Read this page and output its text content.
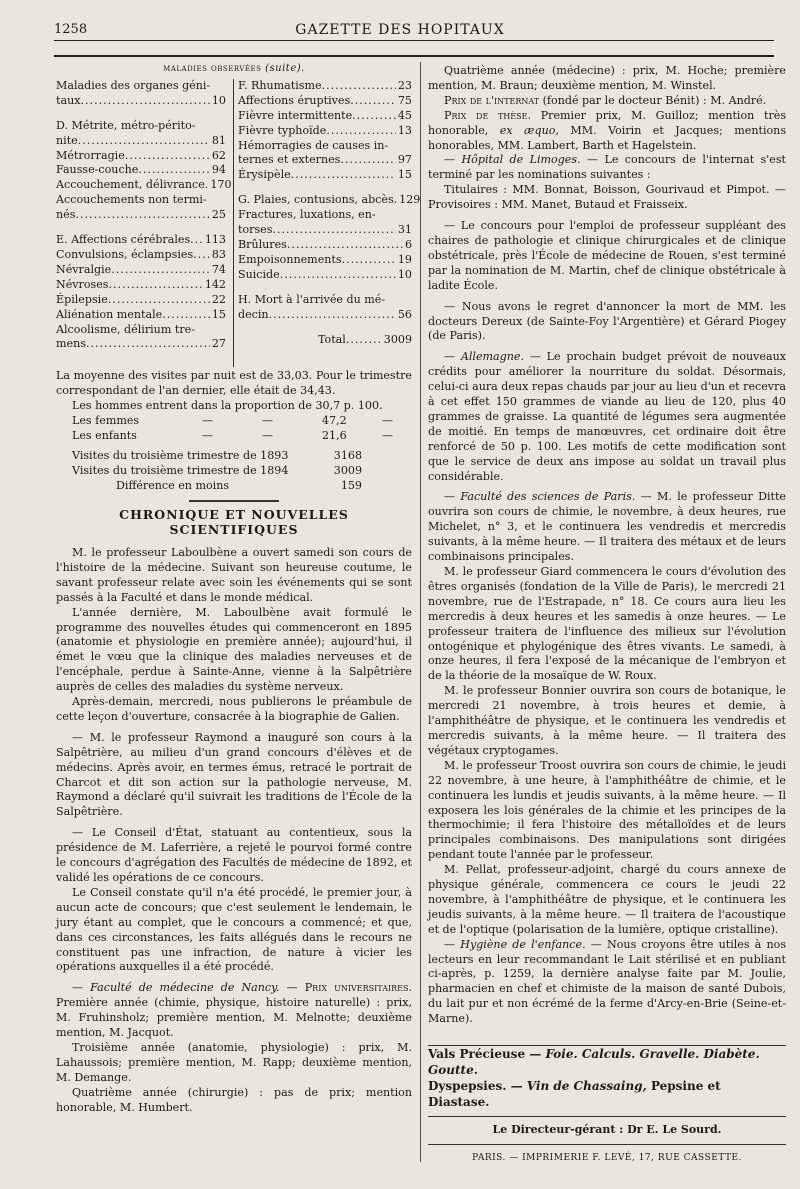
1258	GAZETTE DES HOPITAUX
maladies observées (suite).
Maladies des organes géni-
taux .....	10
D. Métrite, métro-périto-
nite .....	81
Métrorragie .....	62
Fausse-couche .....	94
Accouchement, délivrance. 170
Accouchements non termi-
nés .....	25
E. Affections cérébrales ..... 113
Convulsions, éclampsies ..... 83
Névralgie .....	74
Névroses .....	142
Épilepsie .....	22
Aliénation mentale .....	15
Alcoolisme, délirium tre-
mens .....	27
F. Rhumatisme .....	23
Affections éruptives .....	75
Fièvre intermittente .....	45
Fièvre typhoïde .....	13
Hémorragies de causes in-
ternes et externes .....	97
Érysipèle .....	15
G. Plaies, contusions, abcès. 129
Fractures, luxations, en-
torses .....	31
Brûlures .....	6
Empoisonnements .....	19
Suicide .....	10
H. Mort à l'arrivée du mé-
decin .....	56
Total .....	3009

La moyenne des visites par nuit est de 33,03. Pour le trimestre correspondant de l'an dernier, elle était de 34,43.

Les hommes entrent dans la proportion de 30,7 p. 100.

Les femmes	—	—	47,2	—
Les enfants	—	—	21,6	—
Visites du troisième trimestre de 1893	3168
Visites du troisième trimestre de 1894	3009
Différence en moins	159
CHRONIQUE ET NOUVELLES SCIENTIFIQUES

M. le professeur Laboulbène a ouvert samedi son cours de l'histoire de la médecine. Suivant son heureuse coutume, le savant professeur relate avec soin les événements qui se sont passés à la Faculté et dans le monde médical.

L'année dernière, M. Laboulbène avait formulé le programme des nouvelles études qui commenceront en 1895 (anatomie et physiologie en première année); aujourd'hui, il émet le vœu que la clinique des maladies nerveuses et de l'encéphale, perdue à Sainte-Anne, vienne à la Salpêtrière auprès de celles des maladies du système nerveux.

Après-demain, mercredi, nous publierons le préambule de cette leçon d'ouverture, consacrée à la biographie de Galien.

— M. le professeur Raymond a inauguré son cours à la Salpêtrière, au milieu d'un grand concours d'élèves et de médecins. Après avoir, en termes émus, retracé le portrait de Charcot et dit son action sur la pathologie nerveuse, M. Raymond a déclaré qu'il suivrait les traditions de l'École de la Salpêtrière.

— Le Conseil d'État, statuant au contentieux, sous la présidence de M. Laferrière, a rejeté le pourvoi formé contre le concours d'agrégation des Facultés de médecine de 1892, et validé les opérations de ce concours.

Le Conseil constate qu'il n'a été procédé, le premier jour, à aucun acte de concours; que c'est seulement le lendemain, le jury étant au complet, que le concours a commencé; et que, dans ces circonstances, les faits allégués dans le recours ne constituent pas une infraction, de nature à vicier les opérations auxquelles il a été procédé.

— Faculté de médecine de Nancy. — Prix universitaires. Première année (chimie, physique, histoire naturelle) : prix, M. Fruhinsholz; première mention, M. Melnotte; deuxième mention, M. Jacquot.

Troisième année (anatomie, physiologie) : prix, M. Lahaussois; première mention, M. Rapp; deuxième mention, M. Demange.

Quatrième année (chirurgie) : pas de prix; mention honorable, M. Humbert.

Quatrième année (médecine) : prix, M. Hoche; première mention, M. Braun; deuxième mention, M. Winstel.

Prix de l'internat (fondé par le docteur Bénit) : M. André.

Prix de thèse. Premier prix, M. Guilloz; mention très honorable, ex æquo, MM. Voirin et Jacques; mentions honorables, MM. Lambert, Barth et Hagelstein.

— Hôpital de Limoges. — Le concours de l'internat s'est terminé par les nominations suivantes :

Titulaires : MM. Bonnat, Boisson, Gourivaud et Pimpot. — Provisoires : MM. Manet, Butaud et Fraisseix.

— Le concours pour l'emploi de professeur suppléant des chaires de pathologie et clinique chirurgicales et de clinique obstétricale, près l'École de médecine de Rouen, s'est terminé par la nomination de M. Martin, chef de clinique obstétricale à ladite École.

— Nous avons le regret d'annoncer la mort de MM. les docteurs Dereux (de Sainte-Foy l'Argentière) et Gérard Piogey (de Paris).

— Allemagne. — Le prochain budget prévoit de nouveaux crédits pour améliorer la nourriture du soldat. Désormais, celui-ci aura deux repas chauds par jour au lieu d'un et recevra à cet effet 150 grammes de viande au lieu de 120, plus 40 grammes de graisse. La quantité de légumes sera augmentée de moitié. En temps de manœuvres, cet ordinaire doit être renforcé de 50 p. 100. Les motifs de cette modification sont que le service de deux ans impose au soldat un travail plus considérable.

— Faculté des sciences de Paris. — M. le professeur Ditte ouvrira son cours de chimie, le novembre, à deux heures, rue Michelet, n° 3, et le continuera les vendredis et mercredis suivants, à la même heure. — Il traitera des métaux et de leurs combinaisons principales.

M. le professeur Giard commencera le cours d'évolution des êtres organisés (fondation de la Ville de Paris), le mercredi 21 novembre, rue de l'Estrapade, n° 18. Ce cours aura lieu les mercredis à deux heures et les samedis à onze heures. — Le professeur traitera de l'influence des milieux sur l'évolution ontogénique et phylogénique des êtres vivants. Le samedi, à onze heures, il fera l'exposé de la mécanique de l'embryon et de la théorie de la mosaïque de W. Roux.

M. le professeur Bonnier ouvrira son cours de botanique, le mercredi 21 novembre, à trois heures et demie, à l'amphithéâtre de physique, et le continuera les vendredis et mercredis suivants, à la même heure. — Il traitera des végétaux cryptogames.

M. le professeur Troost ouvrira son cours de chimie, le jeudi 22 novembre, à une heure, à l'amphithéâtre de chimie, et le continuera les lundis et jeudis suivants, à la même heure. — Il exposera les lois générales de la chimie et les principes de la thermochimie; il fera l'histoire des métalloïdes et de leurs principales combinaisons. Des manipulations sont dirigées pendant toute l'année par le professeur.

M. Pellat, professeur-adjoint, chargé du cours annexe de physique générale, commencera ce cours le jeudi 22 novembre, à l'amphithéâtre de physique, et le continuera les jeudis suivants, à la même heure. — Il traitera de l'acoustique et de l'optique (polarisation de la lumière, optique cristalline).

— Hygiène de l'enfance. — Nous croyons être utiles à nos lecteurs en leur recommandant le Lait stérilisé et en publiant ci-après, p. 1259, la dernière analyse faite par M. Joulie, pharmacien en chef et chimiste de la maison de santé Dubois, du lait pur et non écrémé de la ferme d'Arcy-en-Brie (Seine-et-Marne).

Vals Précieuse — Foie. Calculs. Gravelle. Diabète. Goutte.
Dyspepsies. — Vin de Chassaing, Pepsine et Diastase.
Le Directeur-gérant : Dr E. Le Sourd.
PARIS. — IMPRIMERIE F. LEVÉ, 17, RUE CASSETTE.
